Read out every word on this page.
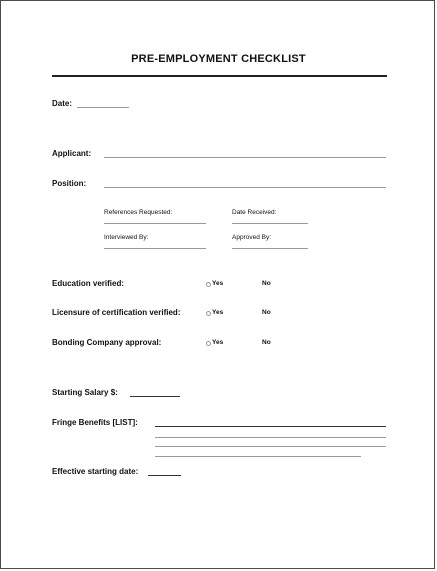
PRE-EMPLOYMENT CHECKLIST
Date:
Applicant:
Position:
References Requested:	Date Received:
Interviewed By:	Approved By:
Education verified:	Yes	No
Licensure of certification verified:	Yes	No
Bonding Company approval:	Yes	No
Starting Salary $:
Fringe Benefits [LIST]:
Effective starting date:
